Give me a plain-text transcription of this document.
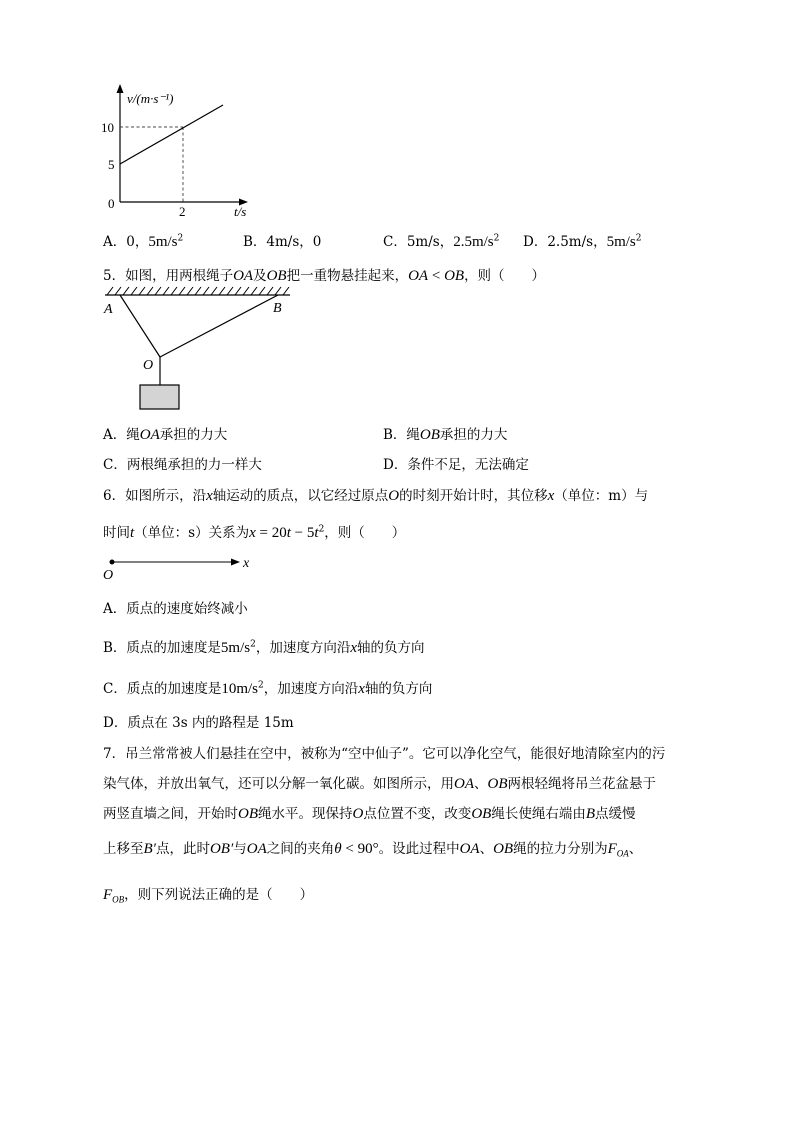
v/(m·s⁻¹)
10
5
0
2	t/s
A．0，$5m/s^2$	B．4m/s，0	C．5m/s，$2.5m/s^2$ D．2.5m/s，$5m/s^2$
5．如图，用两根绳子OA及OB把一重物悬挂起来，OA < OB，则（　　）
A	B
O
A．绳OA承担的力大	B．绳OB承担的力大
C．两根绳承担的力一样大	D．条件不足，无法确定
6．如图所示，沿x轴运动的质点，以它经过原点O的时刻开始计时，其位移x（单位：m）与
时间t（单位：s）关系为$x = 20t - 5t^2$，则（　　）
O
x
A．质点的速度始终减小
B．质点的加速度是$5m/s^2$，加速度方向沿x轴的负方向
C．质点的加速度是$10m/s^2$，加速度方向沿x轴的负方向
D．质点在 3s 内的路程是 15m
7．吊兰常常被人们悬挂在空中，被称为“空中仙子”。它可以净化空气，能很好地清除室内的污
染气体，并放出氧气，还可以分解一氧化碳。如图所示，用OA、OB两根轻绳将吊兰花盆悬于
两竖直墙之间，开始时OB绳水平。现保持O点位置不变，改变OB绳长使绳右端由B点缓慢
上移至B′点，此时OB′与OA之间的夹角θ < 90°。设此过程中OA、OB绳的拉力分别为$F_{OA}$、
$F_{OB}$，则下列说法正确的是（　　）
